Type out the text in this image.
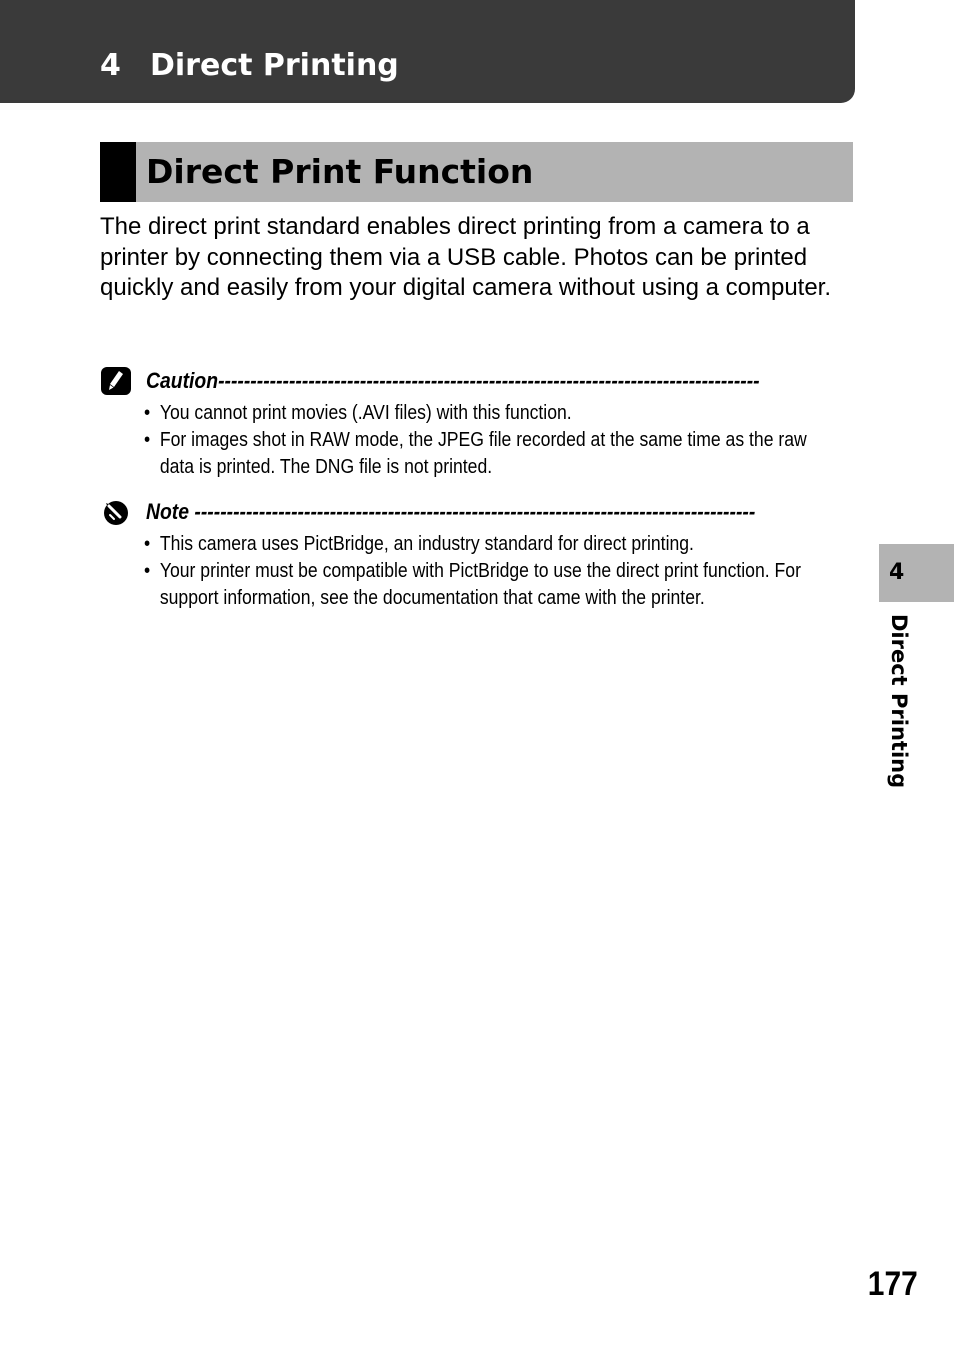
4 Direct Printing
Direct Print Function

The direct print standard enables direct printing from a camera to a printer by connecting them via a USB cable. Photos can be printed quickly and easily from your digital camera without using a computer.

Caution------------------------------------------------------------------------------------
• You cannot print movies (.AVI files) with this function.
• For images shot in RAW mode, the JPEG file recorded at the same time as the raw data is printed. The DNG file is not printed.
Note ---------------------------------------------------------------------------------------
• This camera uses PictBridge, an industry standard for direct printing.
• Your printer must be compatible with PictBridge to use the direct print function. For support information, see the documentation that came with the printer.
4
Direct Printing
177
